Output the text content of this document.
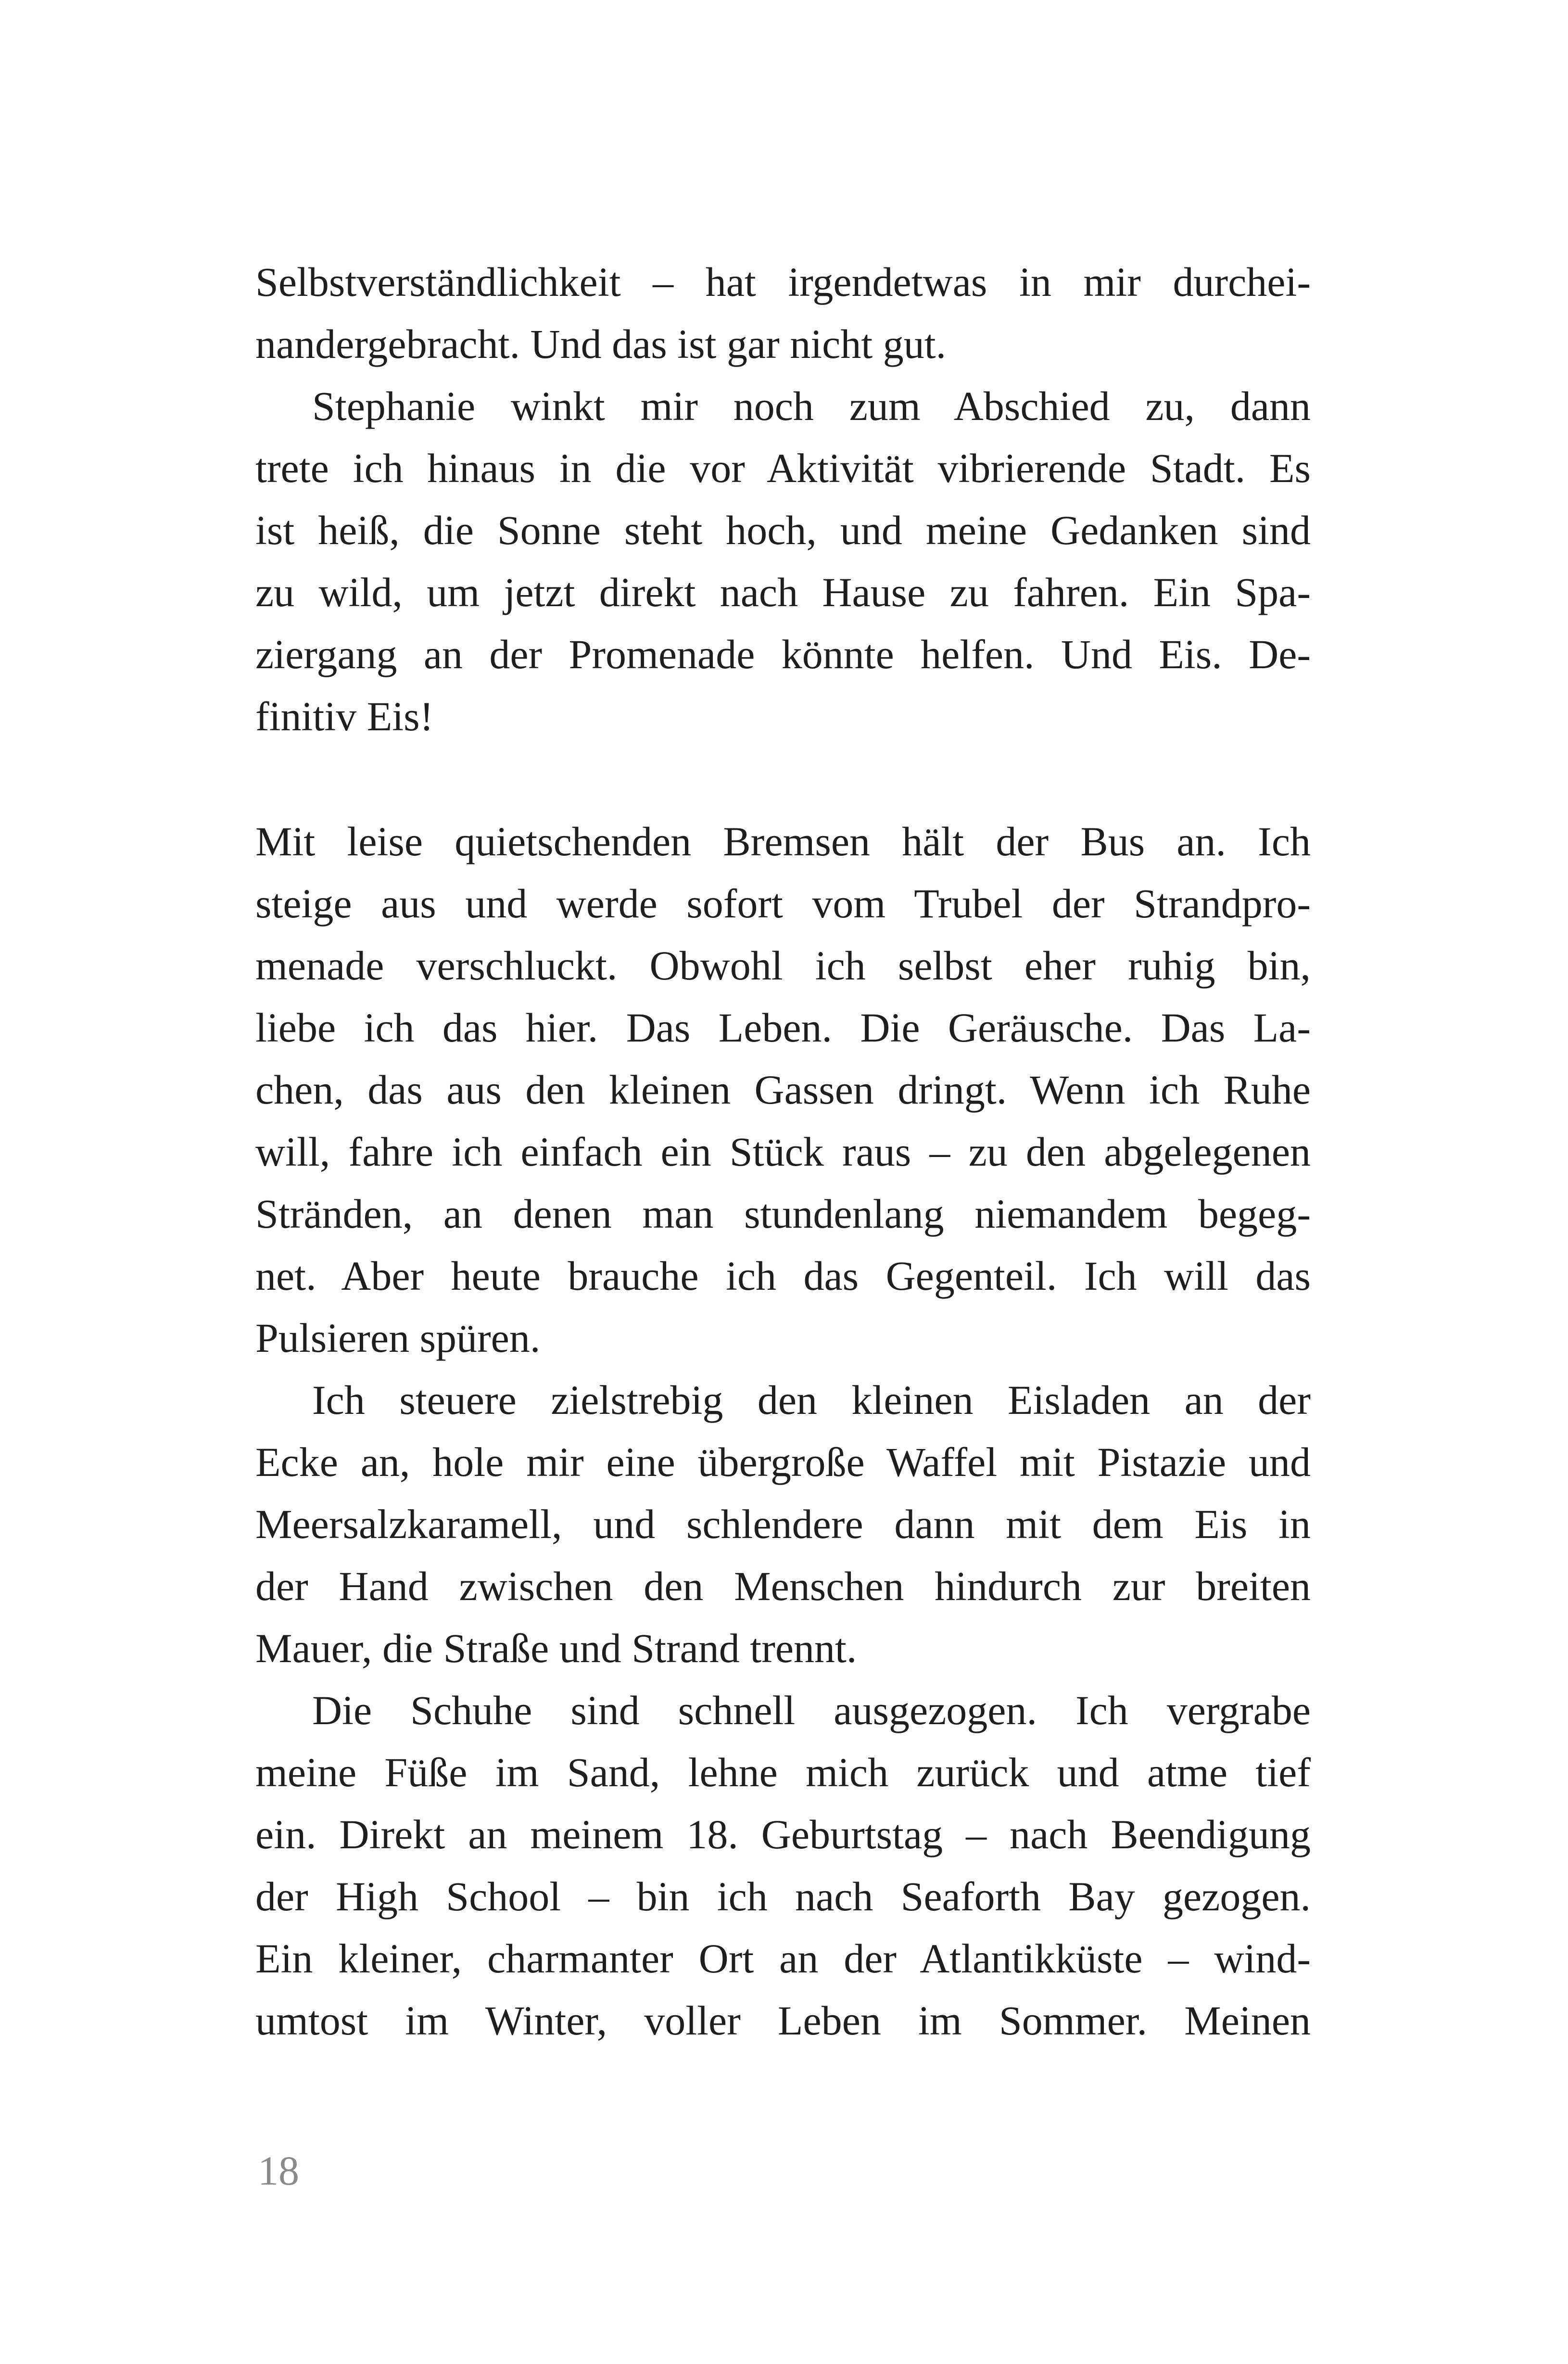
Selbstverständlichkeit – hat irgendetwas in mir durchei-
nandergebracht. Und das ist gar nicht gut.
Stephanie winkt mir noch zum Abschied zu, dann
trete ich hinaus in die vor Aktivität vibrierende Stadt. Es
ist heiß, die Sonne steht hoch, und meine Gedanken sind
zu wild, um jetzt direkt nach Hause zu fahren. Ein Spa-
ziergang an der Promenade könnte helfen. Und Eis. De-
finitiv Eis!
Mit leise quietschenden Bremsen hält der Bus an. Ich
steige aus und werde sofort vom Trubel der Strandpro-
menade verschluckt. Obwohl ich selbst eher ruhig bin,
liebe ich das hier. Das Leben. Die Geräusche. Das La-
chen, das aus den kleinen Gassen dringt. Wenn ich Ruhe
will, fahre ich einfach ein Stück raus – zu den abgelegenen
Stränden, an denen man stundenlang niemandem begeg-
net. Aber heute brauche ich das Gegenteil. Ich will das
Pulsieren spüren.
Ich steuere zielstrebig den kleinen Eisladen an der
Ecke an, hole mir eine übergroße Waffel mit Pistazie und
Meersalzkaramell, und schlendere dann mit dem Eis in
der Hand zwischen den Menschen hindurch zur breiten
Mauer, die Straße und Strand trennt.
Die Schuhe sind schnell ausgezogen. Ich vergrabe
meine Füße im Sand, lehne mich zurück und atme tief
ein. Direkt an meinem 18. Geburtstag – nach Beendigung
der High School – bin ich nach Seaforth Bay gezogen.
Ein kleiner, charmanter Ort an der Atlantikküste – wind-
umtost im Winter, voller Leben im Sommer. Meinen
18
